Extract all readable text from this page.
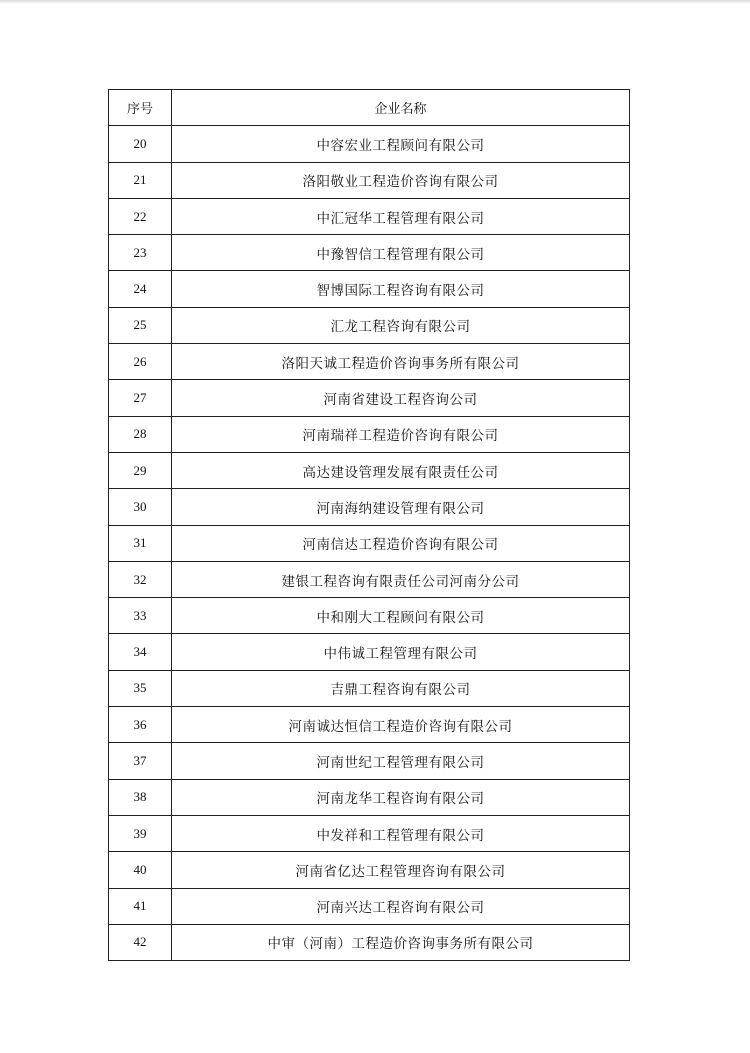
序号	企业名称
20	中容宏业工程顾问有限公司
21	洛阳敬业工程造价咨询有限公司
22	中汇冠华工程管理有限公司
23	中豫智信工程管理有限公司
24	智博国际工程咨询有限公司
25	汇龙工程咨询有限公司
26	洛阳天诚工程造价咨询事务所有限公司
27	河南省建设工程咨询公司
28	河南瑞祥工程造价咨询有限公司
29	高达建设管理发展有限责任公司
30	河南海纳建设管理有限公司
31	河南信达工程造价咨询有限公司
32	建银工程咨询有限责任公司河南分公司
33	中和刚大工程顾问有限公司
34	中伟诚工程管理有限公司
35	吉鼎工程咨询有限公司
36	河南诚达恒信工程造价咨询有限公司
37	河南世纪工程管理有限公司
38	河南龙华工程咨询有限公司
39	中发祥和工程管理有限公司
40	河南省亿达工程管理咨询有限公司
41	河南兴达工程咨询有限公司
42	中审（河南）工程造价咨询事务所有限公司
